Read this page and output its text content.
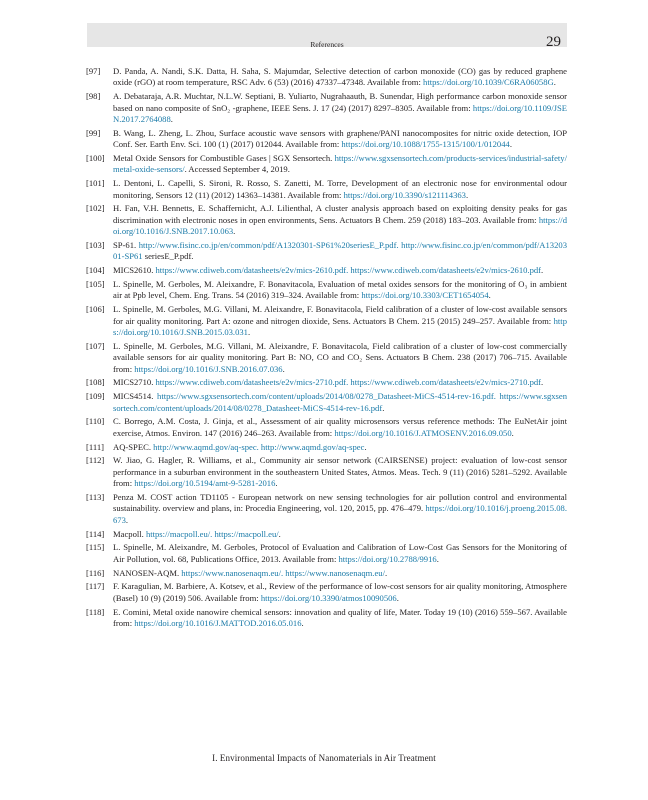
References	29
[97] D. Panda, A. Nandi, S.K. Datta, H. Saha, S. Majumdar, Selective detection of carbon monoxide (CO) gas by reduced graphene oxide (rGO) at room temperature, RSC Adv. 6 (53) (2016) 47337–47348. Available from: https://doi.org/10.1039/C6RA06058G.
[98] A. Debataraja, A.R. Muchtar, N.L.W. Septiani, B. Yuliarto, Nugrahaauth, B. Sunendar, High performance carbon monoxide sensor based on nano composite of SnO₂ -graphene, IEEE Sens. J. 17 (24) (2017) 8297–8305. Available from: https://doi.org/10.1109/JSEN.2017.2764088.
[99] B. Wang, L. Zheng, L. Zhou, Surface acoustic wave sensors with graphene/PANI nanocomposites for nitric oxide detection, IOP Conf. Ser. Earth Env. Sci. 100 (1) (2017) 012044. Available from: https://doi.org/10.1088/1755-1315/100/1/012044.
[100] Metal Oxide Sensors for Combustible Gases | SGX Sensortech. https://www.sgxsensortech.com/products-services/industrial-safety/metal-oxide-sensors/. Accessed September 4, 2019.
[101] L. Dentoni, L. Capelli, S. Sironi, R. Rosso, S. Zanetti, M. Torre, Development of an electronic nose for environmental odour monitoring, Sensors 12 (11) (2012) 14363–14381. Available from: https://doi.org/10.3390/s121114363.
[102] H. Fan, V.H. Bennetts, E. Schaffernicht, A.J. Lilienthal, A cluster analysis approach based on exploiting density peaks for gas discrimination with electronic noses in open environments, Sens. Actuators B Chem. 259 (2018) 183–203. Available from: https://doi.org/10.1016/J.SNB.2017.10.063.
[103] SP-61. http://www.fisinc.co.jp/en/common/pdf/A1320301-SP61%20seriesE_P.pdf. http://www.fisinc.co.jp/en/common/pdf/A1320301-SP61 seriesE_P.pdf.
[104] MICS2610. https://www.cdiweb.com/datasheets/e2v/mics-2610.pdf. https://www.cdiweb.com/datasheets/e2v/mics-2610.pdf.
[105] L. Spinelle, M. Gerboles, M. Aleixandre, F. Bonavitacola, Evaluation of metal oxides sensors for the monitoring of O₃ in ambient air at Ppb level, Chem. Eng. Trans. 54 (2016) 319–324. Available from: https://doi.org/10.3303/CET1654054.
[106] L. Spinelle, M. Gerboles, M.G. Villani, M. Aleixandre, F. Bonavitacola, Field calibration of a cluster of low-cost available sensors for air quality monitoring. Part A: ozone and nitrogen dioxide, Sens. Actuators B Chem. 215 (2015) 249–257. Available from: https://doi.org/10.1016/J.SNB.2015.03.031.
[107] L. Spinelle, M. Gerboles, M.G. Villani, M. Aleixandre, F. Bonavitacola, Field calibration of a cluster of low-cost commercially available sensors for air quality monitoring. Part B: NO, CO and CO₂ Sens. Actuators B Chem. 238 (2017) 706–715. Available from: https://doi.org/10.1016/J.SNB.2016.07.036.
[108] MICS2710. https://www.cdiweb.com/datasheets/e2v/mics-2710.pdf. https://www.cdiweb.com/datasheets/e2v/mics-2710.pdf.
[109] MICS4514. https://www.sgxsensortech.com/content/uploads/2014/08/0278_Datasheet-MiCS-4514-rev-16.pdf. https://www.sgxsensortech.com/content/uploads/2014/08/0278_Datasheet-MiCS-4514-rev-16.pdf.
[110] C. Borrego, A.M. Costa, J. Ginja, et al., Assessment of air quality microsensors versus reference methods: The EuNetAir joint exercise, Atmos. Environ. 147 (2016) 246–263. Available from: https://doi.org/10.1016/J.ATMOSENV.2016.09.050.
[111] AQ-SPEC. http://www.aqmd.gov/aq-spec. http://www.aqmd.gov/aq-spec.
[112] W. Jiao, G. Hagler, R. Williams, et al., Community air sensor network (CAIRSENSE) project: evaluation of low-cost sensor performance in a suburban environment in the southeastern United States, Atmos. Meas. Tech. 9 (11) (2016) 5281–5292. Available from: https://doi.org/10.5194/amt-9-5281-2016.
[113] Penza M. COST action TD1105 - European network on new sensing technologies for air pollution control and environmental sustainability. overview and plans, in: Procedia Engineering, vol. 120, 2015, pp. 476–479. https://doi.org/10.1016/j.proeng.2015.08.673.
[114] Macpoll. https://macpoll.eu/. https://macpoll.eu/.
[115] L. Spinelle, M. Aleixandre, M. Gerboles, Protocol of Evaluation and Calibration of Low-Cost Gas Sensors for the Monitoring of Air Pollution, vol. 68, Publications Office, 2013. Available from: https://doi.org/10.2788/9916.
[116] NANOSEN-AQM. https://www.nanosenaqm.eu/. https://www.nanosenaqm.eu/.
[117] F. Karagulian, M. Barbiere, A. Kotsev, et al., Review of the performance of low-cost sensors for air quality monitoring, Atmosphere (Basel) 10 (9) (2019) 506. Available from: https://doi.org/10.3390/atmos10090506.
[118] E. Comini, Metal oxide nanowire chemical sensors: innovation and quality of life, Mater. Today 19 (10) (2016) 559–567. Available from: https://doi.org/10.1016/J.MATTOD.2016.05.016.
I. Environmental Impacts of Nanomaterials in Air Treatment
